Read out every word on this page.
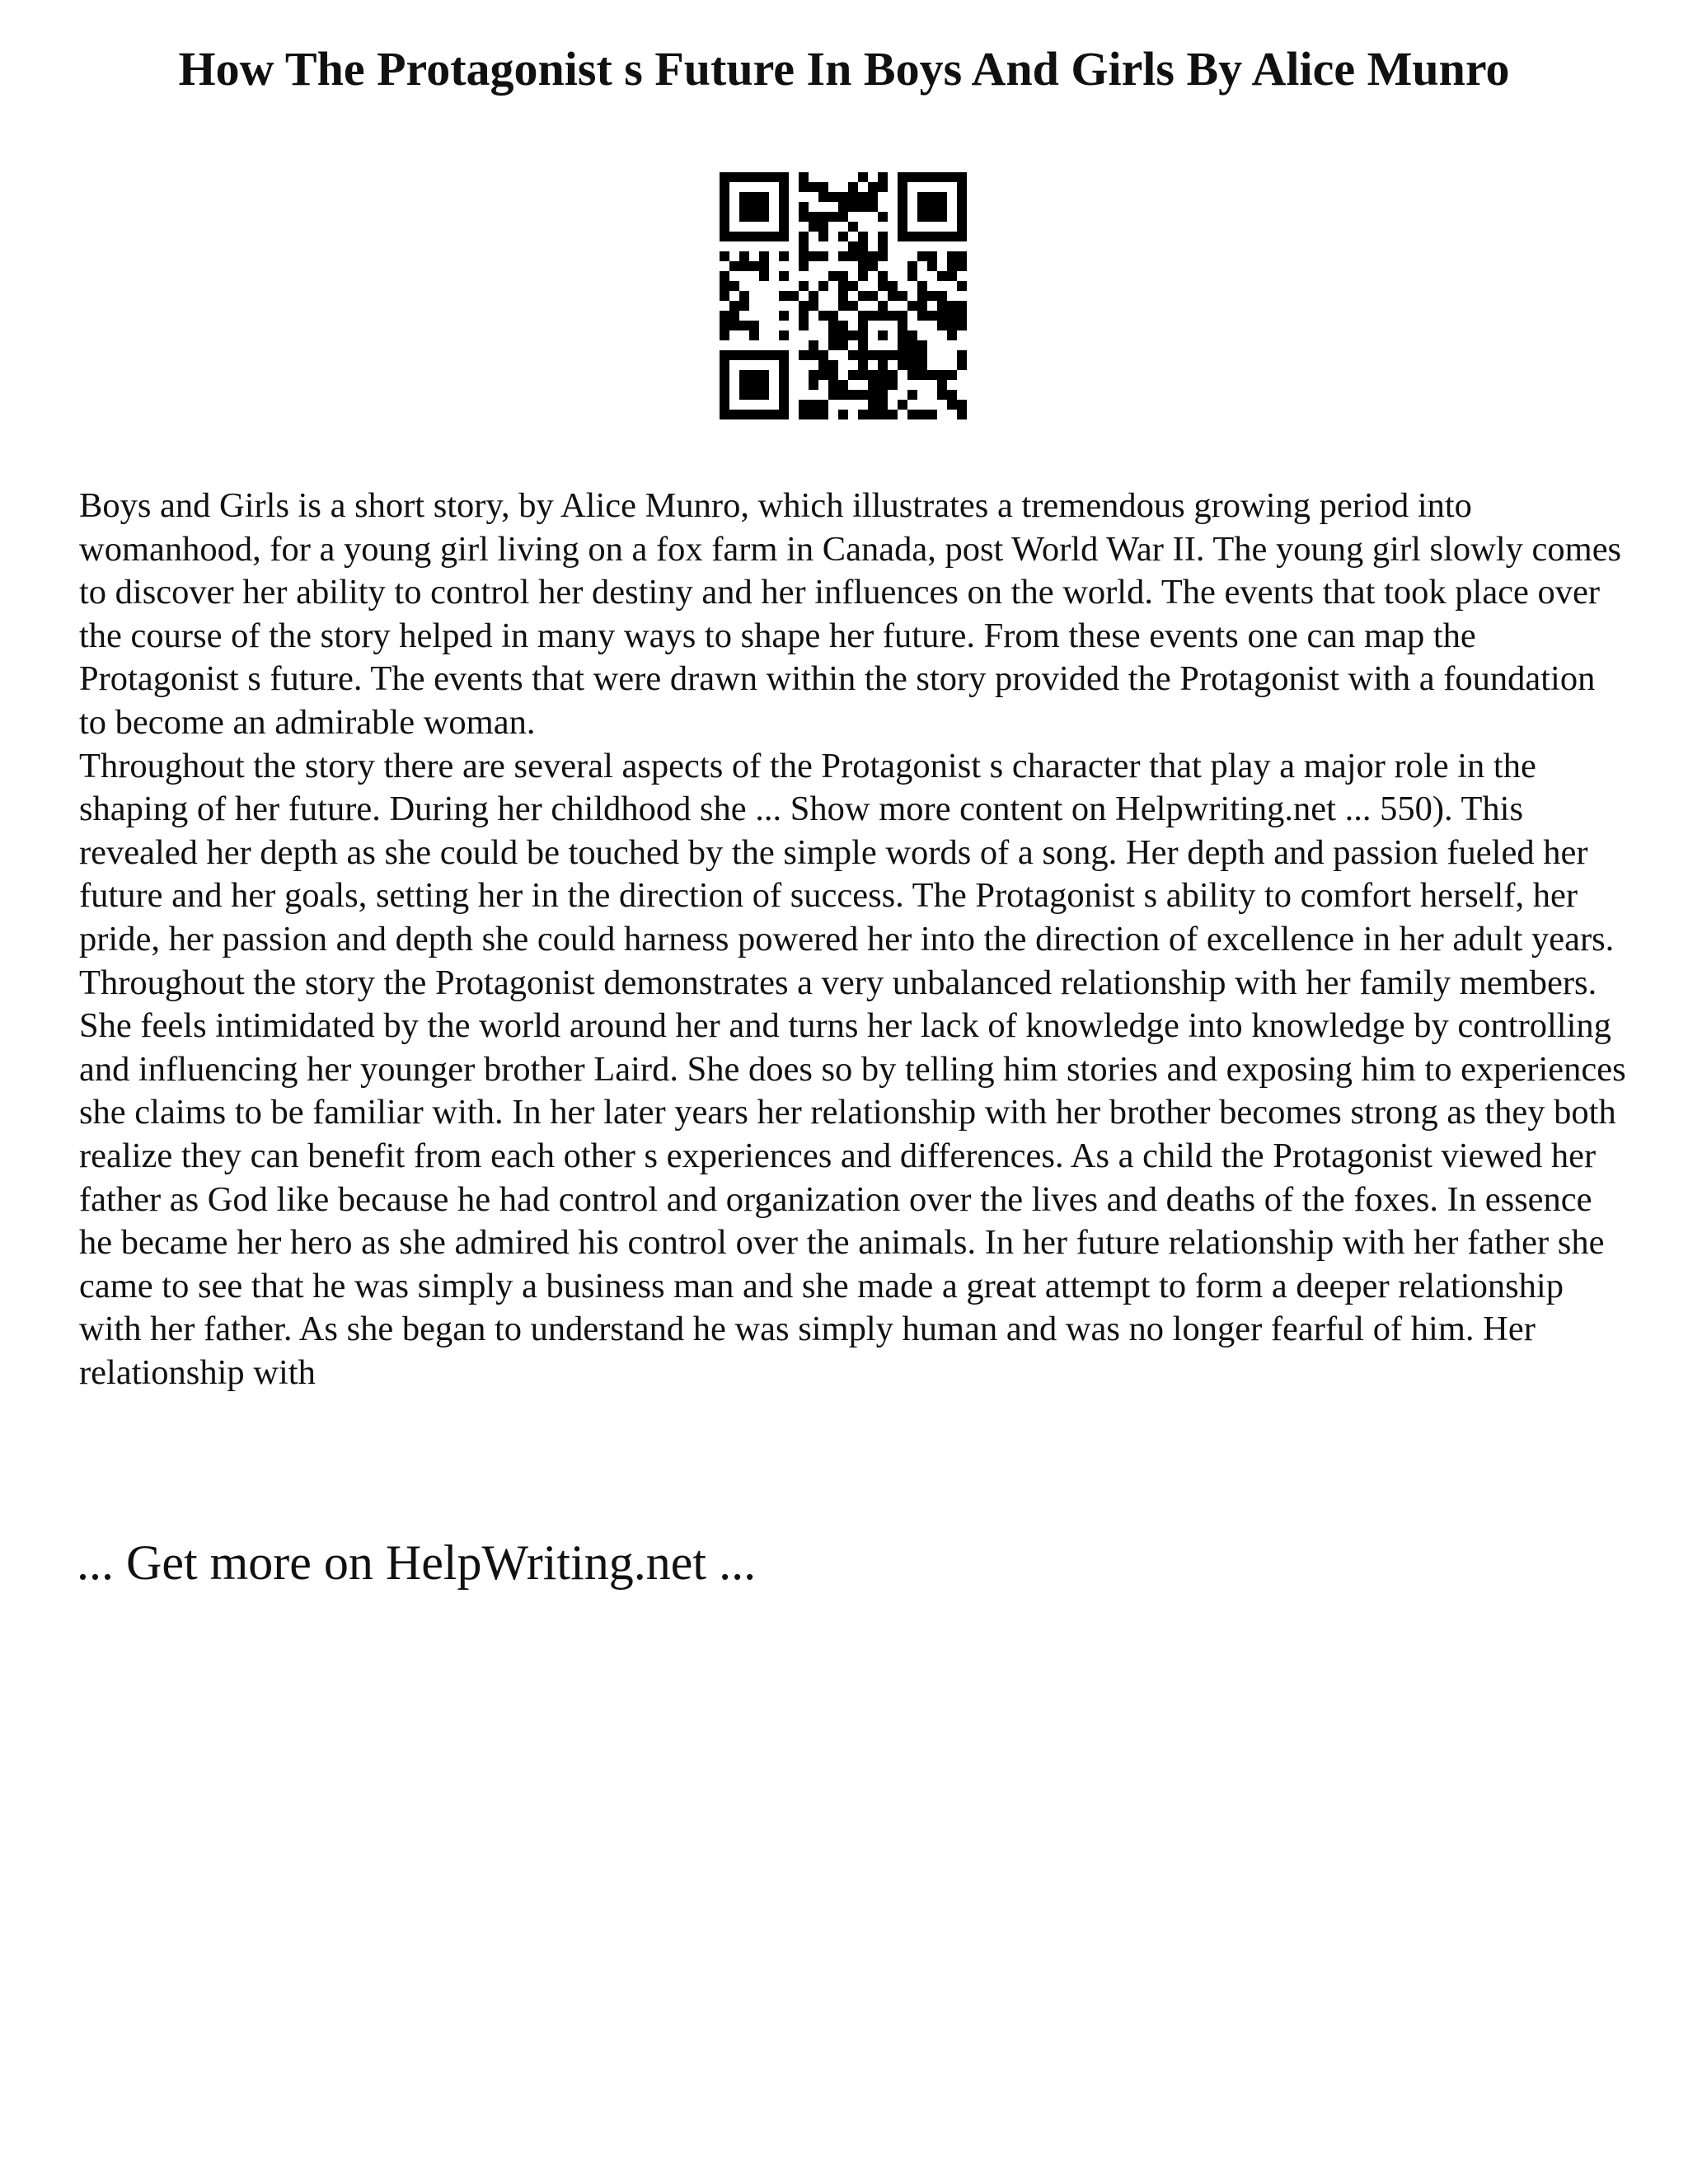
How The Protagonist s Future In Boys And Girls By Alice Munro

Boys and Girls is a short story, by Alice Munro, which illustrates a tremendous growing period into womanhood, for a young girl living on a fox farm in Canada, post World War II. The young girl slowly comes to discover her ability to control her destiny and her influences on the world. The events that took place over the course of the story helped in many ways to shape her future. From these events one can map the Protagonist s future. The events that were drawn within the story provided the Protagonist with a foundation to become an admirable woman.

Throughout the story there are several aspects of the Protagonist s character that play a major role in the shaping of her future. During her childhood she ... Show more content on Helpwriting.net ... 550). This revealed her depth as she could be touched by the simple words of a song. Her depth and passion fueled her future and her goals, setting her in the direction of success. The Protagonist s ability to comfort herself, her pride, her passion and depth she could harness powered her into the direction of excellence in her adult years.

Throughout the story the Protagonist demonstrates a very unbalanced relationship with her family members. She feels intimidated by the world around her and turns her lack of knowledge into knowledge by controlling and influencing her younger brother Laird. She does so by telling him stories and exposing him to experiences she claims to be familiar with. In her later years her relationship with her brother becomes strong as they both realize they can benefit from each other s experiences and differences. As a child the Protagonist viewed her father as God like because he had control and organization over the lives and deaths of the foxes. In essence he became her hero as she admired his control over the animals. In her future relationship with her father she came to see that he was simply a business man and she made a great attempt to form a deeper relationship with her father. As she began to understand he was simply human and was no longer fearful of him. Her relationship with

... Get more on HelpWriting.net ...
